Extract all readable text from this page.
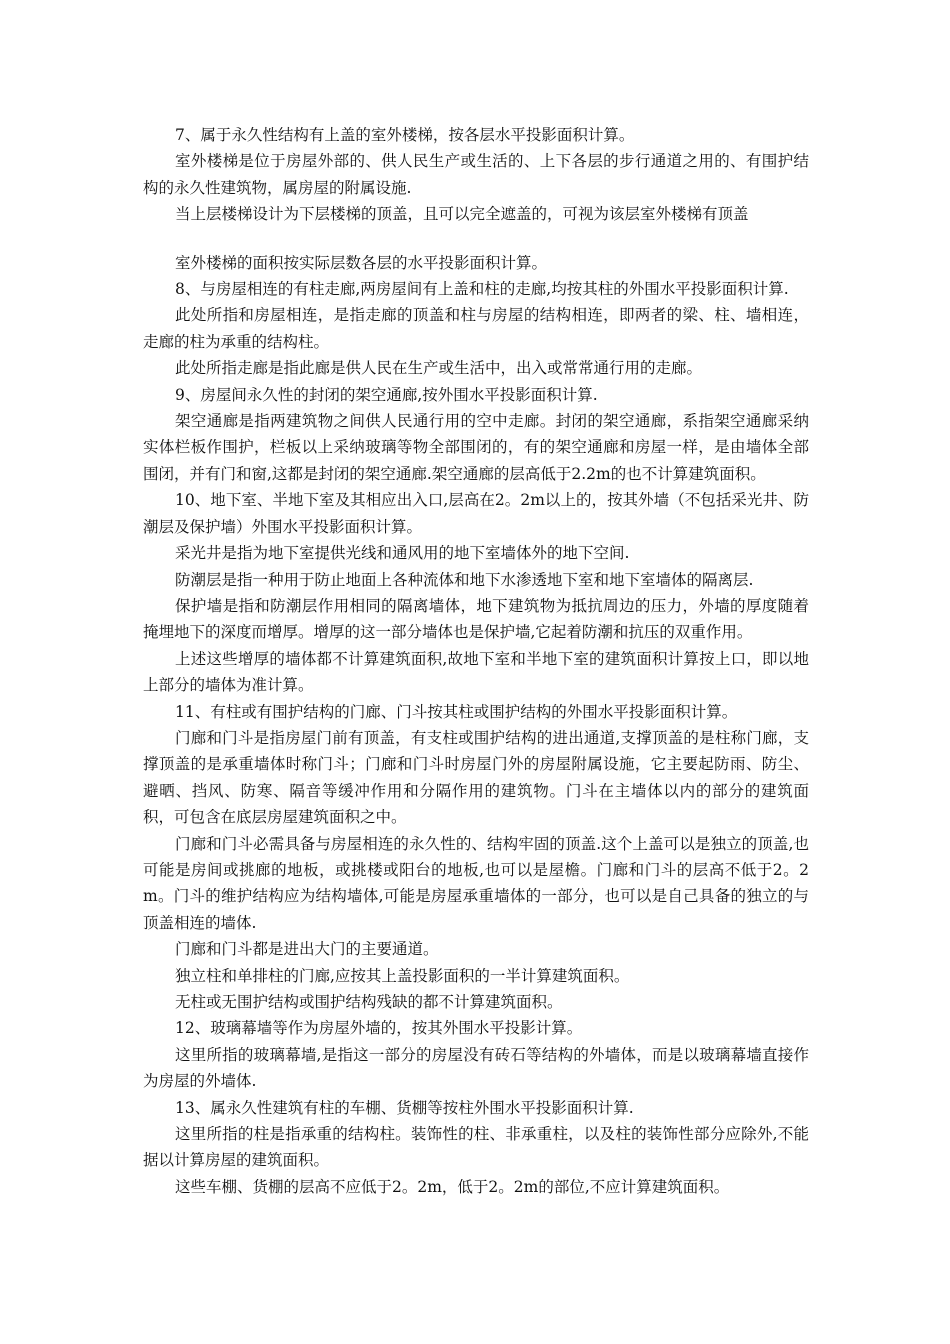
7、属于永久性结构有上盖的室外楼梯，按各层水平投影面积计算。

室外楼梯是位于房屋外部的、供人民生产或生活的、上下各层的步行通道之用的、有围护结构的永久性建筑物，属房屋的附属设施.

当上层楼梯设计为下层楼梯的顶盖，且可以完全遮盖的，可视为该层室外楼梯有顶盖

室外楼梯的面积按实际层数各层的水平投影面积计算。

8、与房屋相连的有柱走廊,两房屋间有上盖和柱的走廊,均按其柱的外围水平投影面积计算.

此处所指和房屋相连，是指走廊的顶盖和柱与房屋的结构相连，即两者的梁、柱、墙相连，走廊的柱为承重的结构柱。

此处所指走廊是指此廊是供人民在生产或生活中，出入或常常通行用的走廊。

9、房屋间永久性的封闭的架空通廊,按外围水平投影面积计算.

架空通廊是指两建筑物之间供人民通行用的空中走廊。封闭的架空通廊，系指架空通廊采纳实体栏板作围护，栏板以上采纳玻璃等物全部围闭的，有的架空通廊和房屋一样，是由墙体全部围闭，并有门和窗,这都是封闭的架空通廊.架空通廊的层高低于2.2m的也不计算建筑面积。

10、地下室、半地下室及其相应出入口,层高在2。2m以上的，按其外墙（不包括采光井、防潮层及保护墙）外围水平投影面积计算。

采光井是指为地下室提供光线和通风用的地下室墙体外的地下空间.

防潮层是指一种用于防止地面上各种流体和地下水渗透地下室和地下室墙体的隔离层.

保护墙是指和防潮层作用相同的隔离墙体，地下建筑物为抵抗周边的压力，外墙的厚度随着掩埋地下的深度而增厚。增厚的这一部分墙体也是保护墙,它起着防潮和抗压的双重作用。

上述这些增厚的墙体都不计算建筑面积,故地下室和半地下室的建筑面积计算按上口，即以地上部分的墙体为准计算。

11、有柱或有围护结构的门廊、门斗按其柱或围护结构的外围水平投影面积计算。

门廊和门斗是指房屋门前有顶盖，有支柱或围护结构的进出通道,支撑顶盖的是柱称门廊，支撑顶盖的是承重墙体时称门斗；门廊和门斗时房屋门外的房屋附属设施，它主要起防雨、防尘、避晒、挡风、防寒、隔音等缓冲作用和分隔作用的建筑物。门斗在主墙体以内的部分的建筑面积，可包含在底层房屋建筑面积之中。

门廊和门斗必需具备与房屋相连的永久性的、结构牢固的顶盖.这个上盖可以是独立的顶盖,也可能是房间或挑廊的地板，或挑楼或阳台的地板,也可以是屋檐。门廊和门斗的层高不低于2。2m。门斗的维护结构应为结构墙体,可能是房屋承重墙体的一部分，也可以是自己具备的独立的与顶盖相连的墙体.

门廊和门斗都是进出大门的主要通道。

独立柱和单排柱的门廊,应按其上盖投影面积的一半计算建筑面积。

无柱或无围护结构或围护结构残缺的都不计算建筑面积。

12、玻璃幕墙等作为房屋外墙的，按其外围水平投影计算。

这里所指的玻璃幕墙,是指这一部分的房屋没有砖石等结构的外墙体，而是以玻璃幕墙直接作为房屋的外墙体.

13、属永久性建筑有柱的车棚、货棚等按柱外围水平投影面积计算.

这里所指的柱是指承重的结构柱。装饰性的柱、非承重柱，以及柱的装饰性部分应除外,不能据以计算房屋的建筑面积。

这些车棚、货棚的层高不应低于2。2m，低于2。2m的部位,不应计算建筑面积。
